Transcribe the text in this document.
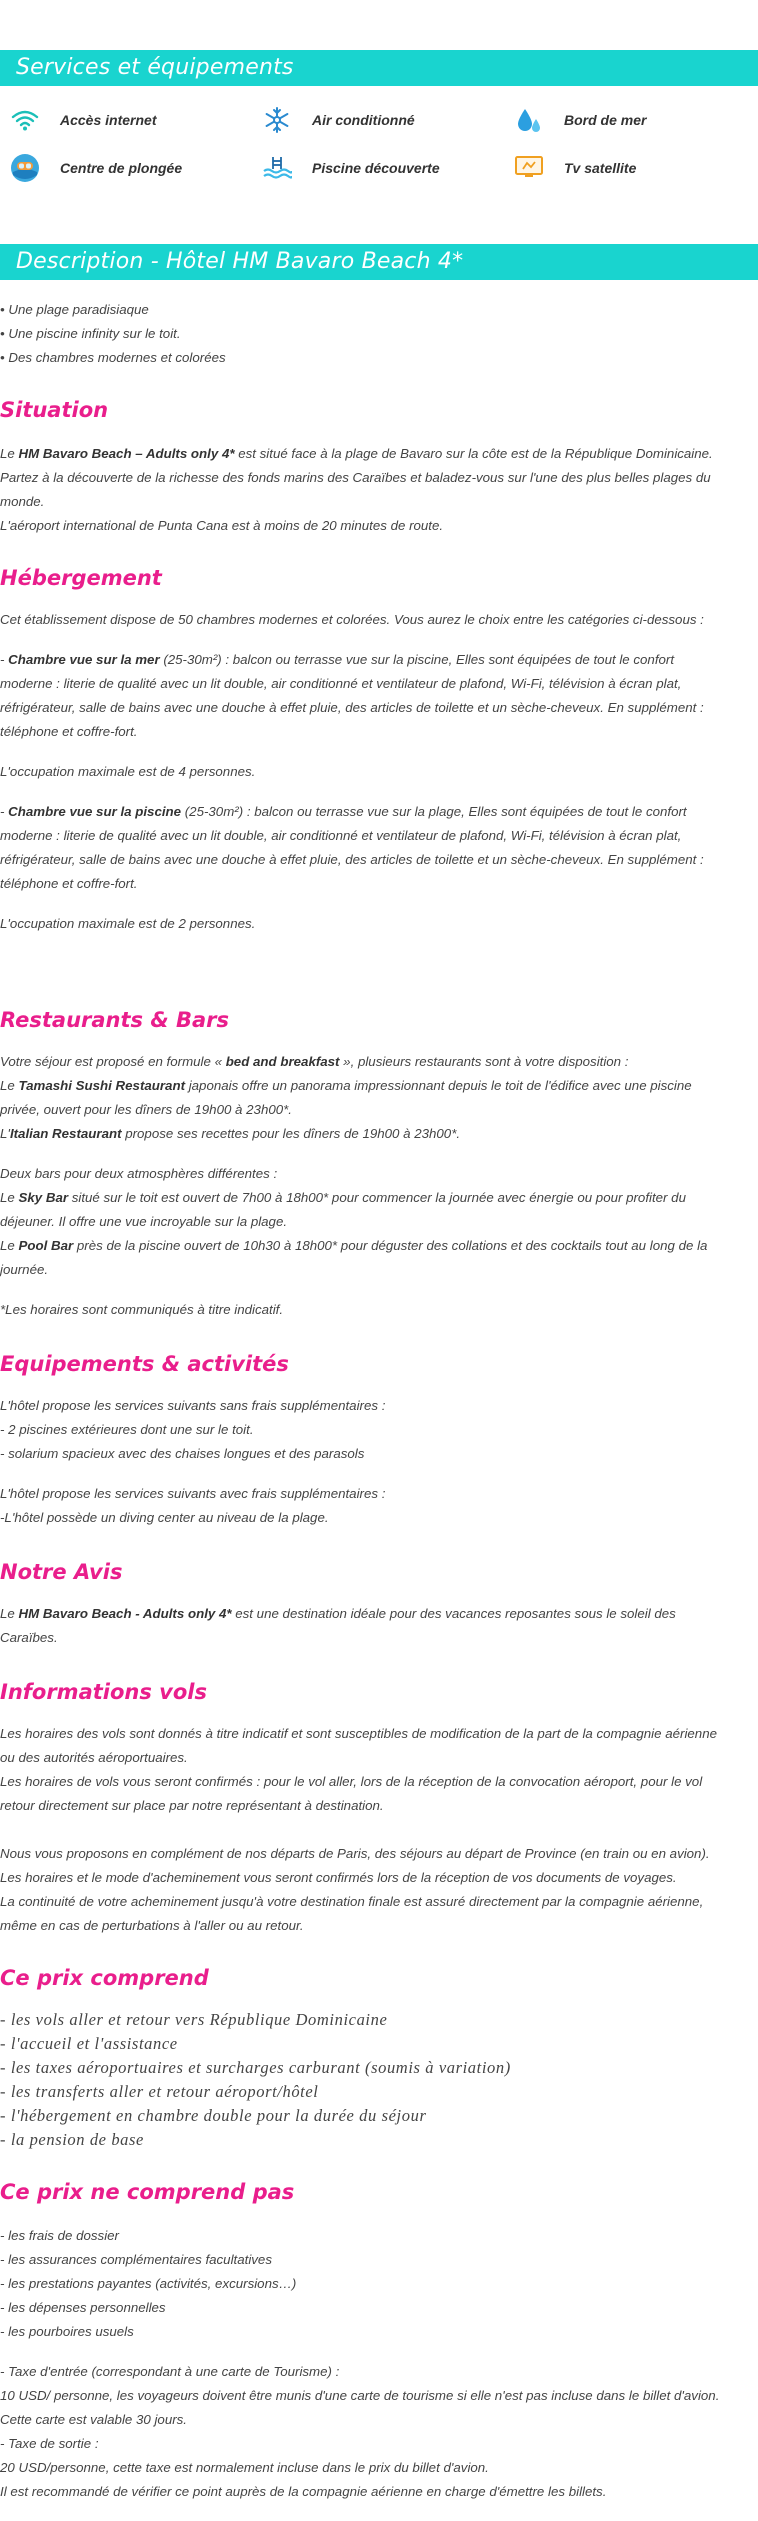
Services et équipements
Accès internet	Air conditionné	Bord de mer
Centre de plongée	Piscine découverte	Tv satellite
Description - Hôtel HM Bavaro Beach 4*
• Une plage paradisiaque
• Une piscine infinity sur le toit.
• Des chambres modernes et colorées
Situation
Le HM Bavaro Beach – Adults only 4* est situé face à la plage de Bavaro sur la côte est de la République Dominicaine.
Partez à la découverte de la richesse des fonds marins des Caraïbes et baladez-vous sur l'une des plus belles plages du
monde.
L'aéroport international de Punta Cana est à moins de 20 minutes de route.
Hébergement
Cet établissement dispose de 50 chambres modernes et colorées. Vous aurez le choix entre les catégories ci-dessous :
- Chambre vue sur la mer (25-30m²) : balcon ou terrasse vue sur la piscine, Elles sont équipées de tout le confort
moderne : literie de qualité avec un lit double, air conditionné et ventilateur de plafond, Wi-Fi, télévision à écran plat,
réfrigérateur, salle de bains avec une douche à effet pluie, des articles de toilette et un sèche-cheveux. En supplément :
téléphone et coffre-fort.
L'occupation maximale est de 4 personnes.
- Chambre vue sur la piscine (25-30m²) : balcon ou terrasse vue sur la plage, Elles sont équipées de tout le confort
moderne : literie de qualité avec un lit double, air conditionné et ventilateur de plafond, Wi-Fi, télévision à écran plat,
réfrigérateur, salle de bains avec une douche à effet pluie, des articles de toilette et un sèche-cheveux. En supplément :
téléphone et coffre-fort.
L'occupation maximale est de 2 personnes.
Restaurants & Bars
Votre séjour est proposé en formule « bed and breakfast », plusieurs restaurants sont à votre disposition :
Le Tamashi Sushi Restaurant japonais offre un panorama impressionnant depuis le toit de l'édifice avec une piscine
privée, ouvert pour les dîners de 19h00 à 23h00*.
L'Italian Restaurant propose ses recettes pour les dîners de 19h00 à 23h00*.
Deux bars pour deux atmosphères différentes :
Le Sky Bar situé sur le toit est ouvert de 7h00 à 18h00* pour commencer la journée avec énergie ou pour profiter du
déjeuner. Il offre une vue incroyable sur la plage.
Le Pool Bar près de la piscine ouvert de 10h30 à 18h00* pour déguster des collations et des cocktails tout au long de la
journée.
*Les horaires sont communiqués à titre indicatif.
Equipements & activités
L'hôtel propose les services suivants sans frais supplémentaires :
- 2 piscines extérieures dont une sur le toit.
- solarium spacieux avec des chaises longues et des parasols
L'hôtel propose les services suivants avec frais supplémentaires :
-L'hôtel possède un diving center au niveau de la plage.
Notre Avis
Le HM Bavaro Beach - Adults only 4* est une destination idéale pour des vacances reposantes sous le soleil des
Caraïbes.
Informations vols
Les horaires des vols sont donnés à titre indicatif et sont susceptibles de modification de la part de la compagnie aérienne
ou des autorités aéroportuaires.
Les horaires de vols vous seront confirmés : pour le vol aller, lors de la réception de la convocation aéroport, pour le vol
retour directement sur place par notre représentant à destination.
Nous vous proposons en complément de nos départs de Paris, des séjours au départ de Province (en train ou en avion).
Les horaires et le mode d'acheminement vous seront confirmés lors de la réception de vos documents de voyages.
La continuité de votre acheminement jusqu'à votre destination finale est assuré directement par la compagnie aérienne,
même en cas de perturbations à l'aller ou au retour.
Ce prix comprend
- les vols aller et retour vers République Dominicaine
- l'accueil et l'assistance
- les taxes aéroportuaires et surcharges carburant (soumis à variation)
- les transferts aller et retour aéroport/hôtel
- l'hébergement en chambre double pour la durée du séjour
- la pension de base
Ce prix ne comprend pas
- les frais de dossier
- les assurances complémentaires facultatives
- les prestations payantes (activités, excursions…)
- les dépenses personnelles
- les pourboires usuels
- Taxe d'entrée (correspondant à une carte de Tourisme) :
10 USD/ personne, les voyageurs doivent être munis d'une carte de tourisme si elle n'est pas incluse dans le billet d'avion.
Cette carte est valable 30 jours.
- Taxe de sortie :
20 USD/personne, cette taxe est normalement incluse dans le prix du billet d'avion.
Il est recommandé de vérifier ce point auprès de la compagnie aérienne en charge d'émettre les billets.
